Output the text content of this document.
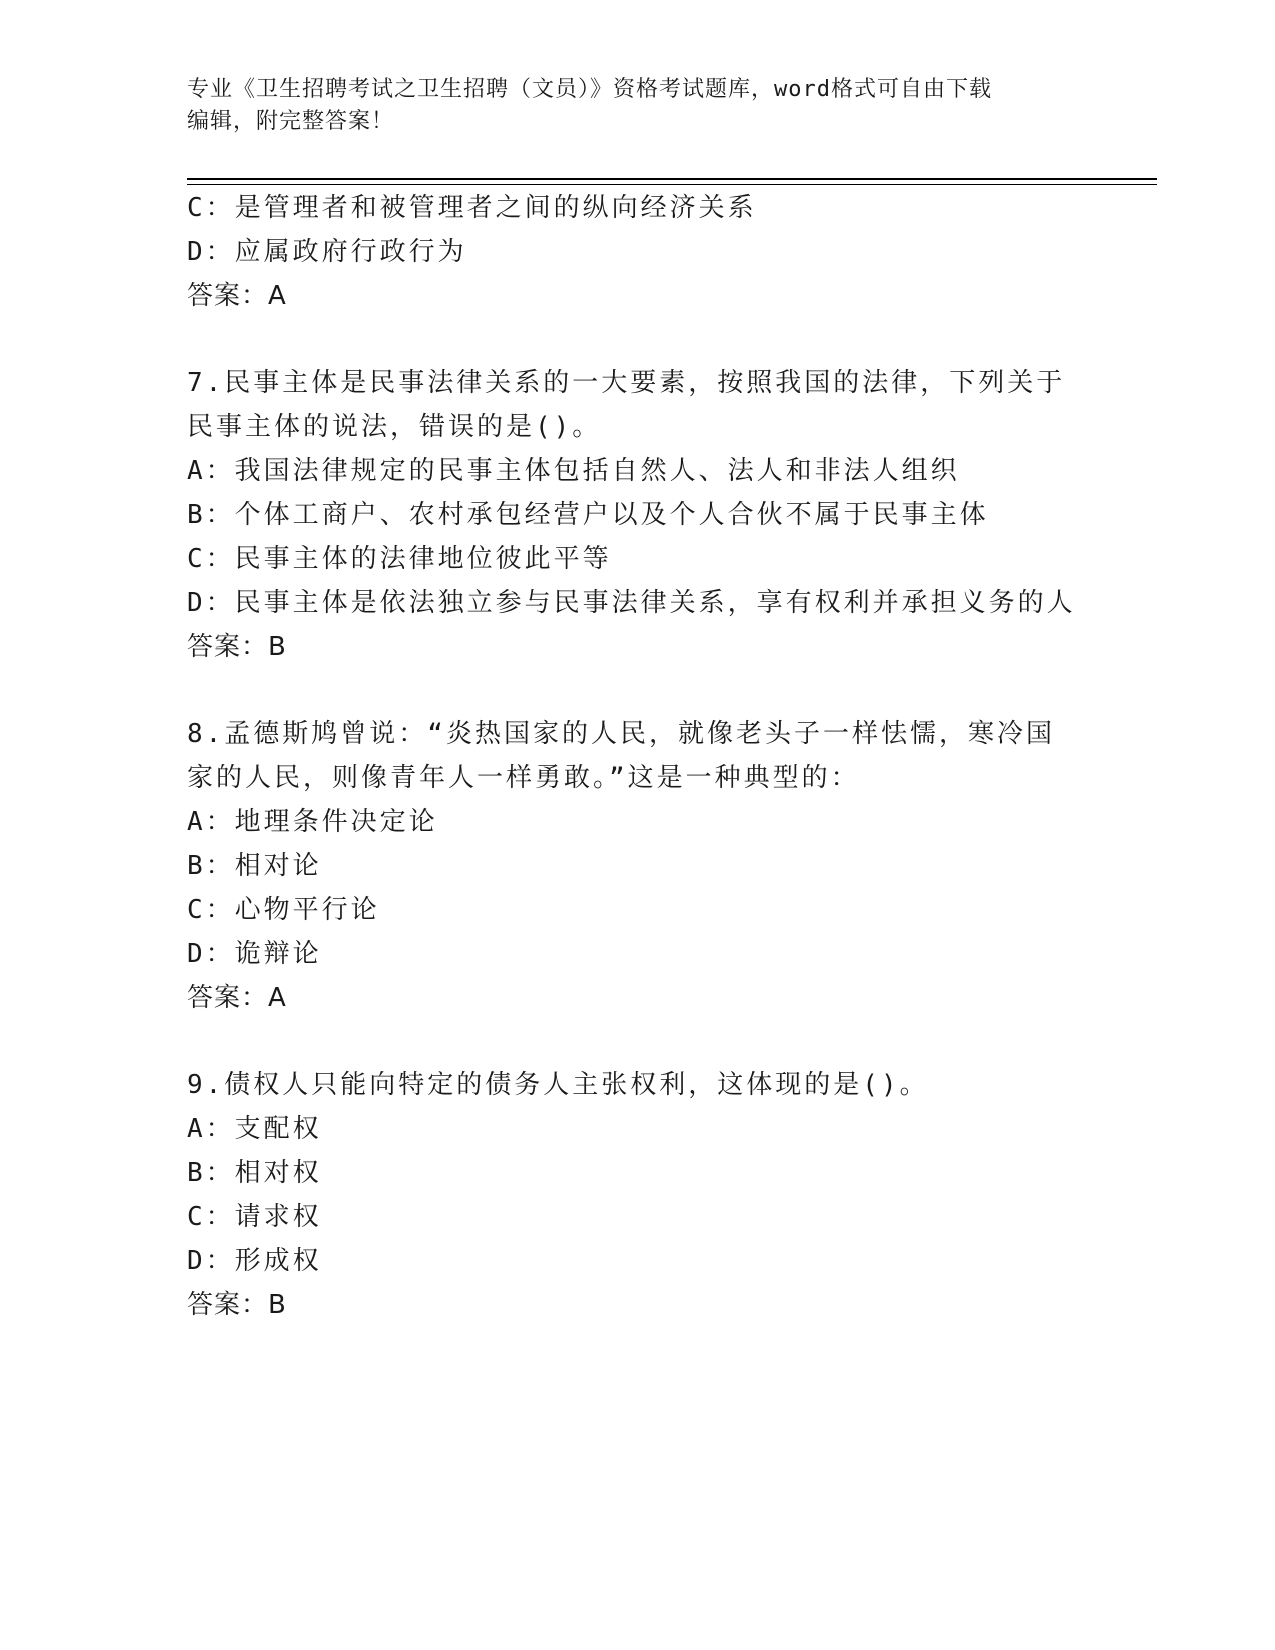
专业《卫生招聘考试之卫生招聘（文员）》资格考试题库，word格式可自由下载
编辑，附完整答案！
C：是管理者和被管理者之间的纵向经济关系
D：应属政府行政行为
答案：A
7.民事主体是民事法律关系的一大要素，按照我国的法律，下列关于
民事主体的说法，错误的是()。
A：我国法律规定的民事主体包括自然人、法人和非法人组织
B：个体工商户、农村承包经营户以及个人合伙不属于民事主体
C：民事主体的法律地位彼此平等
D：民事主体是依法独立参与民事法律关系，享有权利并承担义务的人
答案：B
8.孟德斯鸠曾说：“炎热国家的人民，就像老头子一样怯懦，寒冷国
家的人民，则像青年人一样勇敢。”这是一种典型的：
A：地理条件决定论
B：相对论
C：心物平行论
D：诡辩论
答案：A
9.债权人只能向特定的债务人主张权利，这体现的是()。
A：支配权
B：相对权
C：请求权
D：形成权
答案：B
